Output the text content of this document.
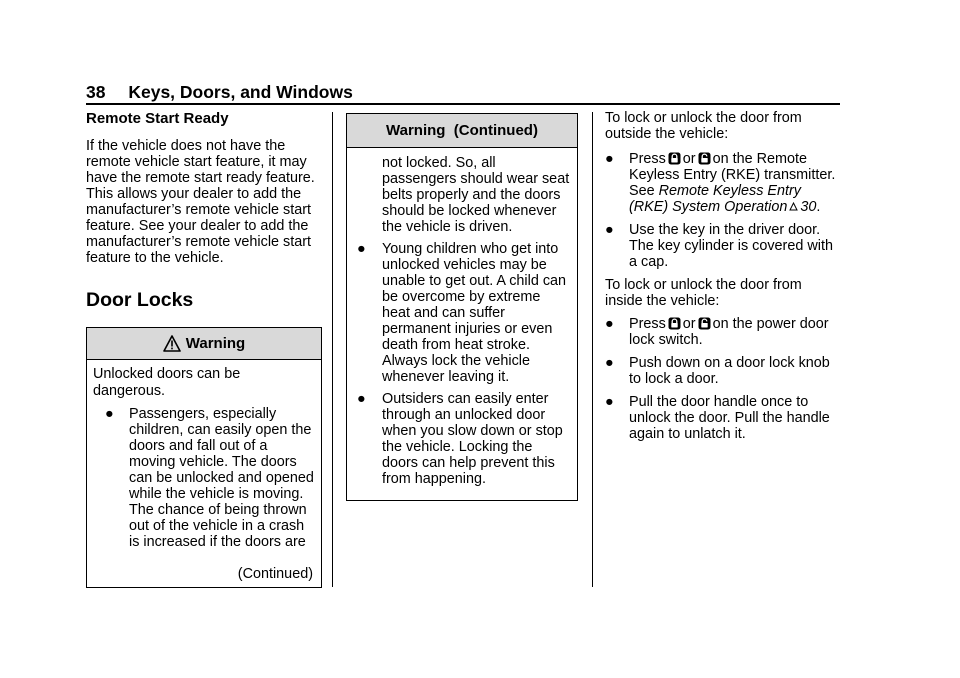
38 Keys, Doors, and Windows
Remote Start Ready

If the vehicle does not have the remote vehicle start feature, it may have the remote start ready feature. This allows your dealer to add the manufacturer’s remote vehicle start feature. See your dealer to add the manufacturer’s remote vehicle start feature to the vehicle.

Door Locks
Warning

Unlocked doors can be dangerous.

● Passengers, especially children, can easily open the doors and fall out of a moving vehicle. The doors can be unlocked and opened while the vehicle is moving. The chance of being thrown out of the vehicle in a crash is increased if the doors are
(Continued)
Warning  (Continued)

not locked. So, all passengers should wear seat belts properly and the doors should be locked whenever the vehicle is driven.

● Young children who get into unlocked vehicles may be unable to get out. A child can be overcome by extreme heat and can suffer permanent injuries or even death from heat stroke. Always lock the vehicle whenever leaving it.
● Outsiders can easily enter through an unlocked door when you slow down or stop the vehicle. Locking the doors can help prevent this from happening.

To lock or unlock the door from outside the vehicle:

● Press or on the Remote Keyless Entry (RKE) transmitter. See Remote Keyless Entry (RKE) System Operation 30.
● Use the key in the driver door. The key cylinder is covered with a cap.

To lock or unlock the door from inside the vehicle:

● Press or on the power door lock switch.
● Push down on a door lock knob to lock a door.
● Pull the door handle once to unlock the door. Pull the handle again to unlatch it.
